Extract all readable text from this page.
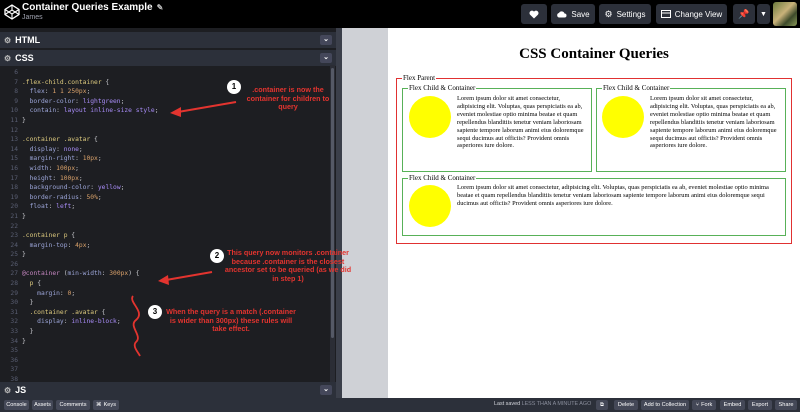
Container Queries Example ✎
James	Save ⚙ Settings	Change View 📌 ▼
⚙ HTML	⌄
⚙ CSS	⌄
6
7
8
9
10
11
12
13
14
15
16
17
18
19
20
21
22
23
24
25
26
27
28
29
30
31
32
33
34
35
36
37
38
.flex-child.container {
flex: 1 1 250px;
border-color: lightgreen;
contain: layout inline-size style;
}
.container .avatar {
display: none;
margin-right: 10px;
width: 100px;
height: 100px;
background-color: yellow;
border-radius: 50%;
float: left;
}
.container p {
margin-top: 4px;
}
@container (min-width: 300px) {
p {
margin: 0;
}
.container .avatar {
display: inline-block;
}
}
⚙ JS	⌄
1	.container is now the container for children to query
2	This query now monitors .container because .container is the closest ancestor set to be queried (as we did in step 1)
3	When the query is a match (.container is wider than 300px) these rules will take effect.
CSS Container Queries
Flex Parent
Flex Child & Container
Lorem ipsum dolor sit amet consectetur, adipisicing elit. Voluptas, quas perspiciatis ea ab, eveniet molestiae optio minima beatae et quam repellendus blanditiis tenetur veniam laboriosam sapiente tempore laborum animi eius doloremque sequi ducimus aut officiis? Provident omnis asperiores iure dolore.
Flex Child & Container
Lorem ipsum dolor sit amet consectetur, adipisicing elit. Voluptas, quas perspiciatis ea ab, eveniet molestiae optio minima beatae et quam repellendus blanditiis tenetur veniam laboriosam sapiente tempore laborum animi eius doloremque sequi ducimus aut officiis? Provident omnis asperiores iure dolore.
Flex Child & Container
Lorem ipsum dolor sit amet consectetur, adipisicing elit. Voluptas, quas perspiciatis ea ab, eveniet molestiae optio minima beatae et quam repellendus blanditiis tenetur veniam laboriosam sapiente tempore laborum animi eius doloremque sequi ducimus aut officiis? Provident omnis asperiores iure dolore.
Console	Assets	Comments	⌘ Keys	Last saved LESS THAN A MINUTE AGO ⧉	Delete	Add to Collection	⑂ Fork	Embed	Export	Share
